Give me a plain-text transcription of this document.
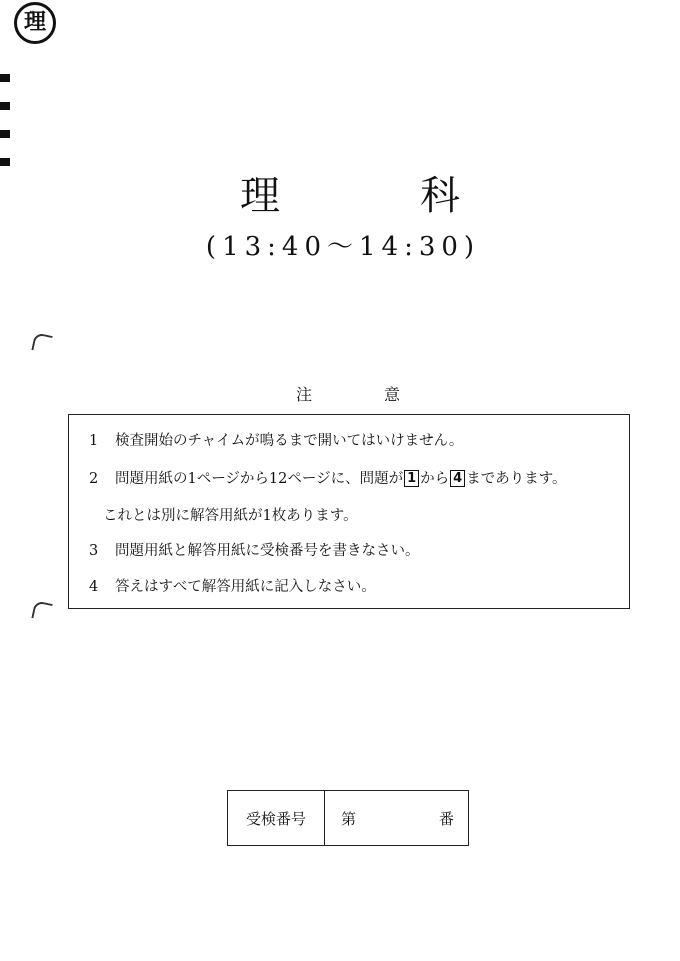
理
理	科
(13:40〜14:30)
注	意
1 検査開始のチャイムが鳴るまで開いてはいけません。
2 問題用紙の1ページから12ページに、問題が 1 から 4 まであります。
これとは別に解答用紙が1枚あります。
3 問題用紙と解答用紙に受検番号を書きなさい。
4 答えはすべて解答用紙に記入しなさい。
受検番号	第	番
